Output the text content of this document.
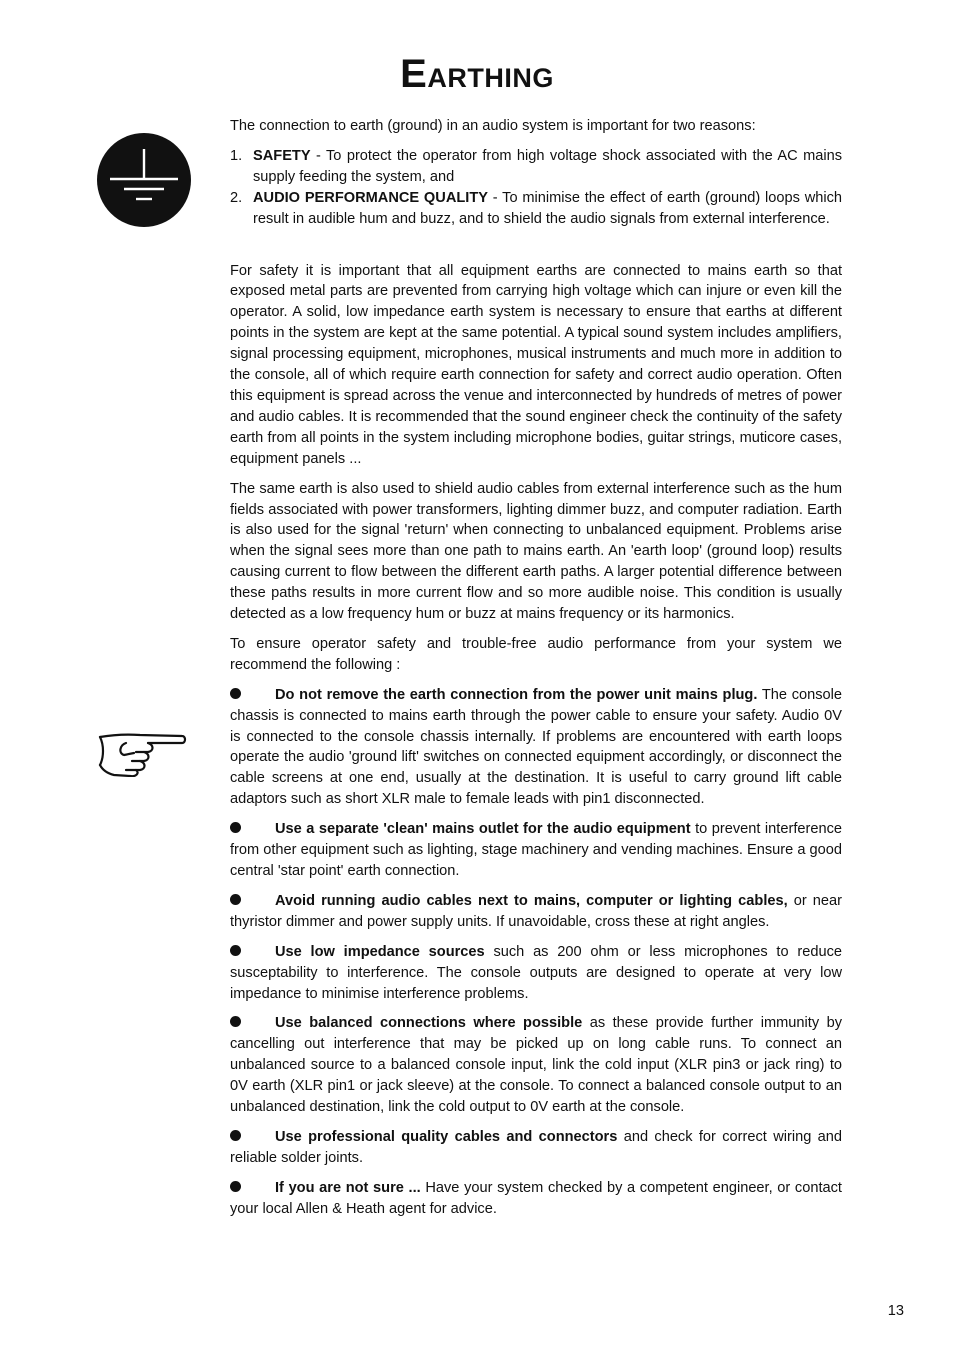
EARTHING

The connection to earth (ground) in an audio system is important for two reasons:

1. SAFETY - To protect the operator from high voltage shock associated with the AC mains supply feeding the system, and
2. AUDIO PERFORMANCE QUALITY - To minimise the effect of earth (ground) loops which result in audible hum and buzz, and to shield the audio signals from external interference.

For safety it is important that all equipment earths are connected to mains earth so that exposed metal parts are prevented from carrying high voltage which can injure or even kill the operator. A solid, low impedance earth system is necessary to ensure that earths at different points in the system are kept at the same potential. A typical sound system includes amplifiers, signal processing equipment, microphones, musical instruments and much more in addition to the console, all of which require earth connection for safety and correct audio operation. Often this equipment is spread across the venue and interconnected by hundreds of metres of power and audio cables. It is recommended that the sound engineer check the continuity of the safety earth from all points in the system including microphone bodies, guitar strings, muticore cases, equipment panels ...

The same earth is also used to shield audio cables from external interference such as the hum fields associated with power transformers, lighting dimmer buzz, and computer radiation. Earth is also used for the signal 'return' when connecting to unbalanced equipment. Problems arise when the signal sees more than one path to mains earth. An 'earth loop' (ground loop) results causing current to flow between the different earth paths. A larger potential difference between these paths results in more current flow and so more audible noise. This condition is usually detected as a low frequency hum or buzz at mains frequency or its harmonics.

To ensure operator safety and trouble-free audio performance from your system we recommend the following :

Do not remove the earth connection from the power unit mains plug. The console chassis is connected to mains earth through the power cable to ensure your safety. Audio 0V is connected to the console chassis internally. If problems are encountered with earth loops operate the audio 'ground lift' switches on connected equipment accordingly, or disconnect the cable screens at one end, usually at the destination. It is useful to carry ground lift cable adaptors such as short XLR male to female leads with pin1 disconnected.

Use a separate 'clean' mains outlet for the audio equipment to prevent interference from other equipment such as lighting, stage machinery and vending machines. Ensure a good central 'star point' earth connection.

Avoid running audio cables next to mains, computer or lighting cables, or near thyristor dimmer and power supply units. If unavoidable, cross these at right angles.

Use low impedance sources such as 200 ohm or less microphones to reduce susceptability to interference. The console outputs are designed to operate at very low impedance to minimise interference problems.

Use balanced connections where possible as these provide further immunity by cancelling out interference that may be picked up on long cable runs. To connect an unbalanced source to a balanced console input, link the cold input (XLR pin3 or jack ring) to 0V earth (XLR pin1 or jack sleeve) at the console. To connect a balanced console output to an unbalanced destination, link the cold output to 0V earth at the console.

Use professional quality cables and connectors and check for correct wiring and reliable solder joints.

If you are not sure ... Have your system checked by a competent engineer, or contact your local Allen & Heath agent for advice.

13
